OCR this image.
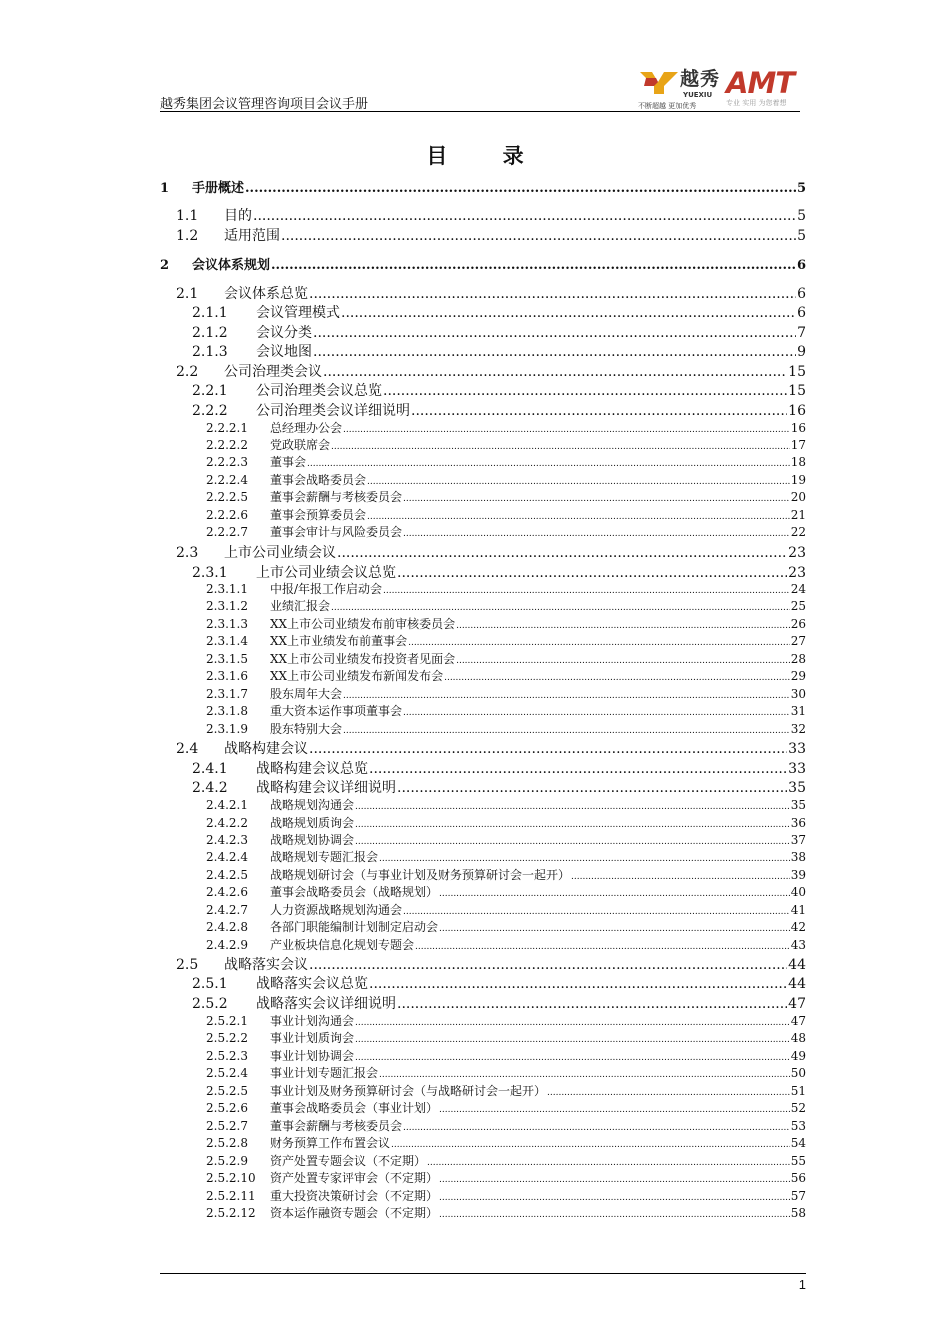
越秀集团会议管理咨询项目会议手册
越秀
YUEXIU AMT
不断超越 更加优秀	专业 实用 为您着想
目 录
1	手册概述 .....	5
1.1	目的 .....	5
1.2	适用范围 .....	5
2	会议体系规划 .....	6
2.1	会议体系总览 .....	6
2.1.1	会议管理模式 .....	6
2.1.2	会议分类 .....	7
2.1.3	会议地图 .....	9
2.2	公司治理类会议 .....	15
2.2.1	公司治理类会议总览 .....	15
2.2.2	公司治理类会议详细说明 .....	16
2.2.2.1	总经理办公会 .....	16
2.2.2.2	党政联席会 .....	17
2.2.2.3	董事会 .....	18
2.2.2.4	董事会战略委员会 .....	19
2.2.2.5	董事会薪酬与考核委员会 .....	20
2.2.2.6	董事会预算委员会 .....	21
2.2.2.7	董事会审计与风险委员会 .....	22
2.3	上市公司业绩会议 .....	23
2.3.1	上市公司业绩会议总览 .....	23
2.3.1.1	中报/年报工作启动会 .....	24
2.3.1.2	业绩汇报会 .....	25
2.3.1.3	XX上市公司业绩发布前审核委员会 .....	26
2.3.1.4	XX上市业绩发布前董事会 .....	27
2.3.1.5	XX上市公司业绩发布投资者见面会 .....	28
2.3.1.6	XX上市公司业绩发布新闻发布会 .....	29
2.3.1.7	股东周年大会 .....	30
2.3.1.8	重大资本运作事项董事会 .....	31
2.3.1.9	股东特别大会 .....	32
2.4	战略构建会议 .....	33
2.4.1	战略构建会议总览 .....	33
2.4.2	战略构建会议详细说明 .....	35
2.4.2.1	战略规划沟通会 .....	35
2.4.2.2	战略规划质询会 .....	36
2.4.2.3	战略规划协调会 .....	37
2.4.2.4	战略规划专题汇报会 .....	38
2.4.2.5	战略规划研讨会（与事业计划及财务预算研讨会一起开） .....	39
2.4.2.6	董事会战略委员会（战略规划） .....	40
2.4.2.7	人力资源战略规划沟通会 .....	41
2.4.2.8	各部门职能编制计划制定启动会 .....	42
2.4.2.9	产业板块信息化规划专题会 .....	43
2.5	战略落实会议 .....	44
2.5.1	战略落实会议总览 .....	44
2.5.2	战略落实会议详细说明 .....	47
2.5.2.1	事业计划沟通会 .....	47
2.5.2.2	事业计划质询会 .....	48
2.5.2.3	事业计划协调会 .....	49
2.5.2.4	事业计划专题汇报会 .....	50
2.5.2.5	事业计划及财务预算研讨会（与战略研讨会一起开） .....	51
2.5.2.6	董事会战略委员会（事业计划） .....	52
2.5.2.7	董事会薪酬与考核委员会 .....	53
2.5.2.8	财务预算工作布置会议 .....	54
2.5.2.9	资产处置专题会议（不定期） .....	55
2.5.2.10	资产处置专家评审会（不定期） .....	56
2.5.2.11	重大投资决策研讨会（不定期） .....	57
2.5.2.12	资本运作融资专题会（不定期） .....	58
1
